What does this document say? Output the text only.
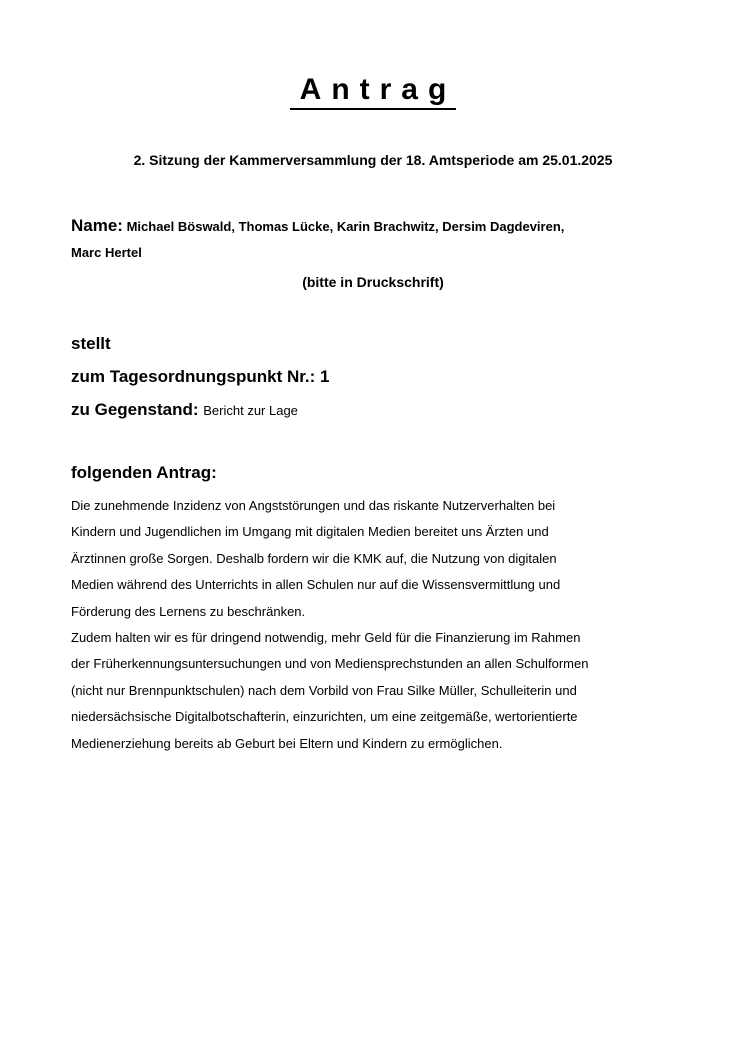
Antrag
2. Sitzung der Kammerversammlung der 18. Amtsperiode am 25.01.2025
Name: Michael Böswald, Thomas Lücke, Karin Brachwitz, Dersim Dagdeviren,
Marc Hertel
(bitte in Druckschrift)
stellt
zum Tagesordnungspunkt Nr.: 1
zu Gegenstand: Bericht zur Lage
folgenden Antrag:

Die zunehmende Inzidenz von Angststörungen und das riskante Nutzerverhalten bei

Kindern und Jugendlichen im Umgang mit digitalen Medien bereitet uns Ärzten und

Ärztinnen große Sorgen. Deshalb fordern wir die KMK auf, die Nutzung von digitalen

Medien während des Unterrichts in allen Schulen nur auf die Wissensvermittlung und

Förderung des Lernens zu beschränken.

Zudem halten wir es für dringend notwendig, mehr Geld für die Finanzierung im Rahmen

der Früherkennungsuntersuchungen und von Mediensprechstunden an allen Schulformen

(nicht nur Brennpunktschulen) nach dem Vorbild von Frau Silke Müller, Schulleiterin und

niedersächsische Digitalbotschafterin, einzurichten, um eine zeitgemäße, wertorientierte

Medienerziehung bereits ab Geburt bei Eltern und Kindern zu ermöglichen.
